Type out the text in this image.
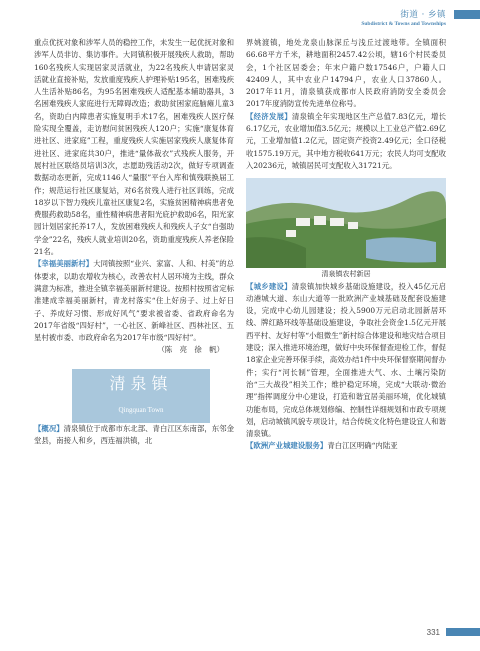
街道 · 乡镇
Subdistrict & Towns and Townships

重点优抚对象和涉军人员的稳控工作，未发生一起优抚对象和涉军人员非访、集访事件。大同镇积极开展残疾人救助，帮助160名残疾人实现居家灵活就业，为22名残疾人申请居家灵活就业直接补贴，发放重度残疾人护理补贴195名，困难残疾人生活补贴86名，为95名困难残疾人适配基本辅助器具，3名困难残疾人家庭进行无障碍改造；救助贫困家庭脑瘫儿童3名，资助白内障患者实施复明手术17名，困难残疾人医疗保险实现全覆盖，走访慰问贫困残疾人120户；实施“康复体育进社区、进家庭”工程，重度残疾人实施居家残疾人康复体育进社区、进家庭共30户，推进“量体裁衣”式残疾人服务，开展村社区联络员培训3次，志愿助残活动2次，做好专项调查数据动态更新，完成1146人“量服”平台入库和慎残联换届工作；规范运行社区康复站，对6名贫残人进行社区训练，完成18岁以下智力残疾儿童社区康复2名，实施贫困精神病患者免费服药救助58名，重性精神病患者阳光庇护救助6名，阳光家园计划居家托养17人，发放困难残疾人和残疾人子女“自强助学金”22名，残疾人就业培训20名，资助重度残疾人养老保险21名。

【幸福美丽新村】大同镇按照“业兴、家富、人和、村美”的总体要求，以助农增收为核心，改善农村人居环境为主线，群众满意为标准，推进全镇幸福美丽新村建设。按照村按照省定标准建成幸福美丽新村，青龙村落实“住上好房子、过上好日子、养成好习惯、形成好风气”要求被省委、省政府命名为2017年省级“四好村”，一心社区、新峰社区、西林社区、五星村被市委、市政府命名为2017年市级“四好村”。

（陈　亮　徐　帆）

清泉镇
Qingquan Town

【概况】清泉镇位于成都市东北部、青白江区东南部，东邻金堂县，南接人和乡，西连福洪镇，北

界姚渡镇，地处龙泉山脉深丘与浅丘过渡地带。全镇面积66.68平方千米，耕地面积2457.42公顷，辖16个村民委员会，1个社区居委会；年末户籍户数17546户，户籍人口42409人，其中农业户14794户，农业人口37860人。2017年11月，清泉镇获成都市人民政府消防安全委员会2017年度消防宣传先进单位称号。

【经济发展】清泉镇全年实现地区生产总值7.83亿元，增长6.17亿元，农业增加值3.5亿元；规模以上工业总产值2.69亿元，工业增加值1.2亿元，固定资产投资2.49亿元；全口径税收1575.19万元，其中地方税收641万元；农民人均可支配收入20236元，城镇居民可支配收入31721元。

清泉镇农村新居

【城乡建设】清泉镇加快城乡基础设施建设，投入45亿元启动港城大道、东山大道等一批欧洲产业城基础及配套设施建设，完成中心幼儿园建设；投入5900万元启动北园新居环线、牌红路环线等基础设施建设，争取社会资金1.5亿元开展西平村、友好村等“小组微生”新村综合体建设和地灾结合项目建设；深入推进环境治理，做好中央环保督查迎检工作，督促18家企业完善环保手续，高效办结1件中央环保督察期间督办件；实行“河长制”管理，全面推进大气、水、土壤污染防治“三大战役”相关工作；维护稳定环境，完成“大联动·微治理”指挥调度分中心建设，打造和谐宜居美丽环境，优化城镇功能布局，完成总体规划修编、控制性详细规划和市政专项规划，启动城镇风貌专项设计，结合传统文化特色建设宜人和谐清泉镇。

【欧洲产业城建设服务】青白江区明确“内陆亚

331
